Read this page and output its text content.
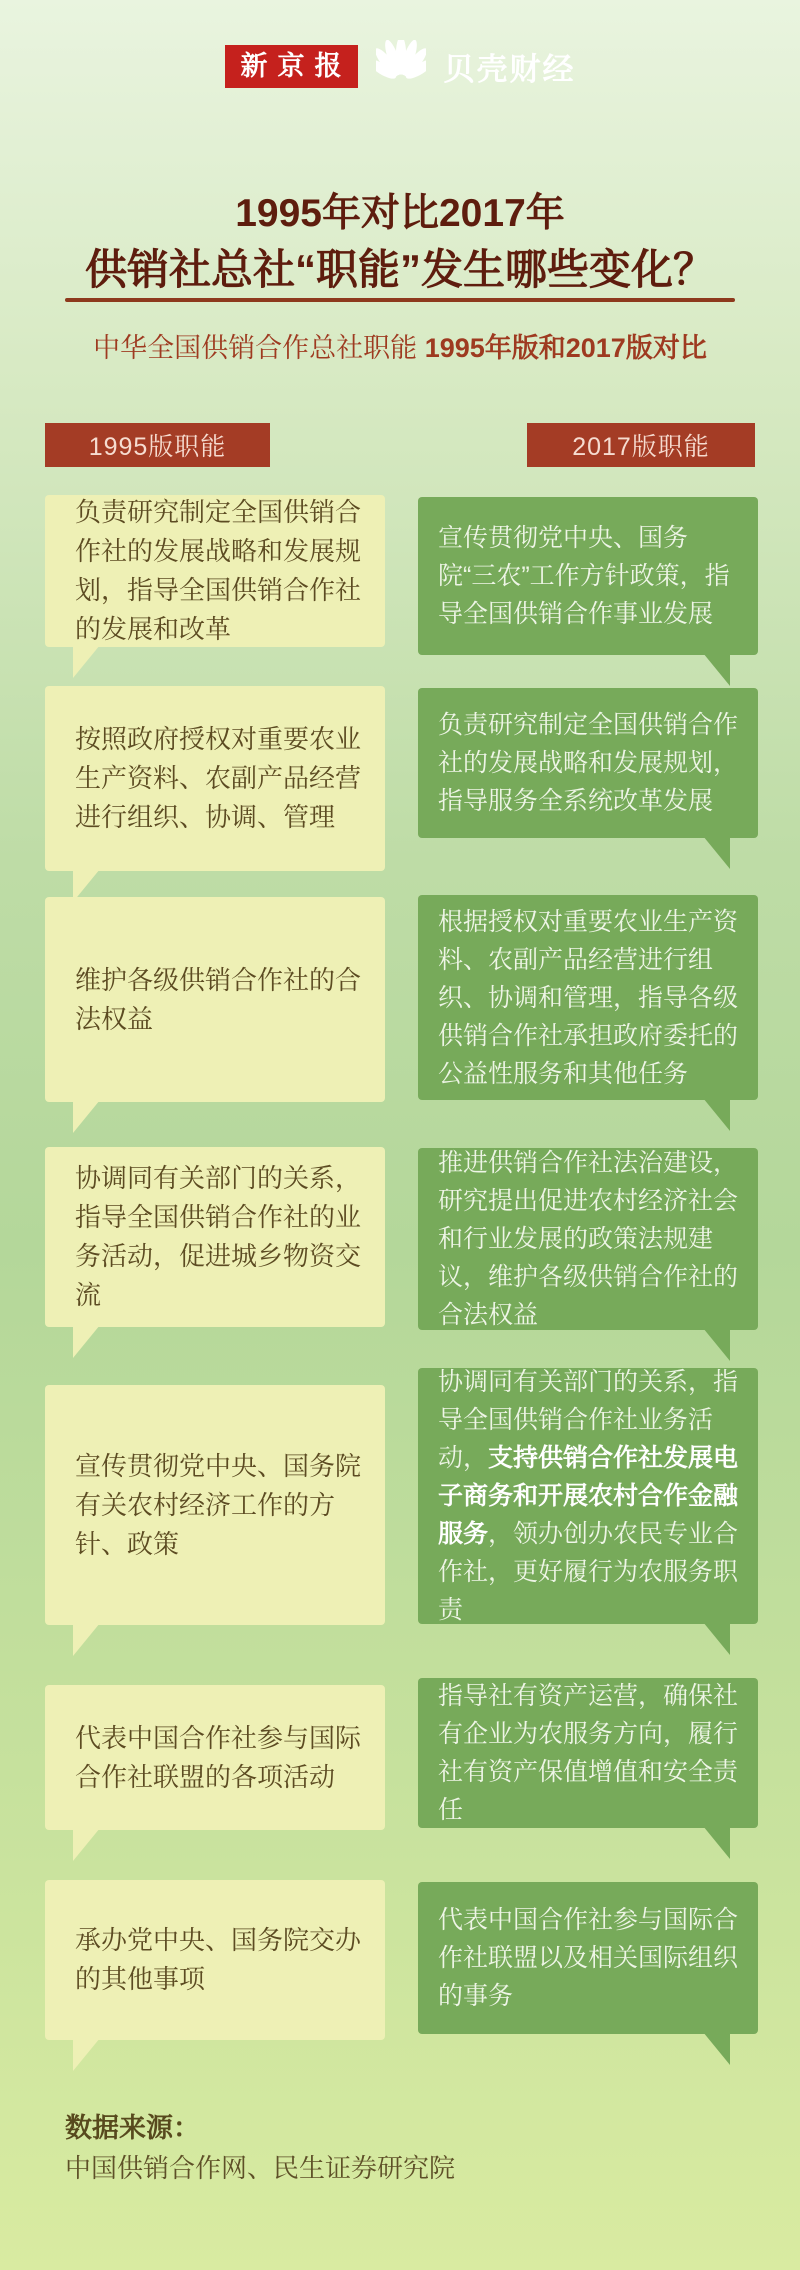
新京报	贝壳财经
1995年对比2017年
供销社总社“职能”发生哪些变化？
中华全国供销合作总社职能 1995年版和2017版对比
1995版职能	2017版职能
负责研究制定全国供销合作社的发展战略和发展规划，指导全国供销合作社的发展和改革
宣传贯彻党中央、国务院“三农”工作方针政策，指导全国供销合作事业发展
按照政府授权对重要农业生产资料、农副产品经营进行组织、协调、管理
负责研究制定全国供销合作社的发展战略和发展规划，指导服务全系统改革发展
维护各级供销合作社的合法权益
根据授权对重要农业生产资料、农副产品经营进行组织、协调和管理，指导各级供销合作社承担政府委托的公益性服务和其他任务
协调同有关部门的关系，指导全国供销合作社的业务活动，促进城乡物资交流
推进供销合作社法治建设，研究提出促进农村经济社会和行业发展的政策法规建议，维护各级供销合作社的合法权益
宣传贯彻党中央、国务院有关农村经济工作的方针、政策
协调同有关部门的关系，指导全国供销合作社业务活动，支持供销合作社发展电子商务和开展农村合作金融服务，领办创办农民专业合作社，更好履行为农服务职责
代表中国合作社参与国际合作社联盟的各项活动
指导社有资产运营，确保社有企业为农服务方向，履行社有资产保值增值和安全责任
承办党中央、国务院交办的其他事项
代表中国合作社参与国际合作社联盟以及相关国际组织的事务
数据来源：
中国供销合作网、民生证券研究院
